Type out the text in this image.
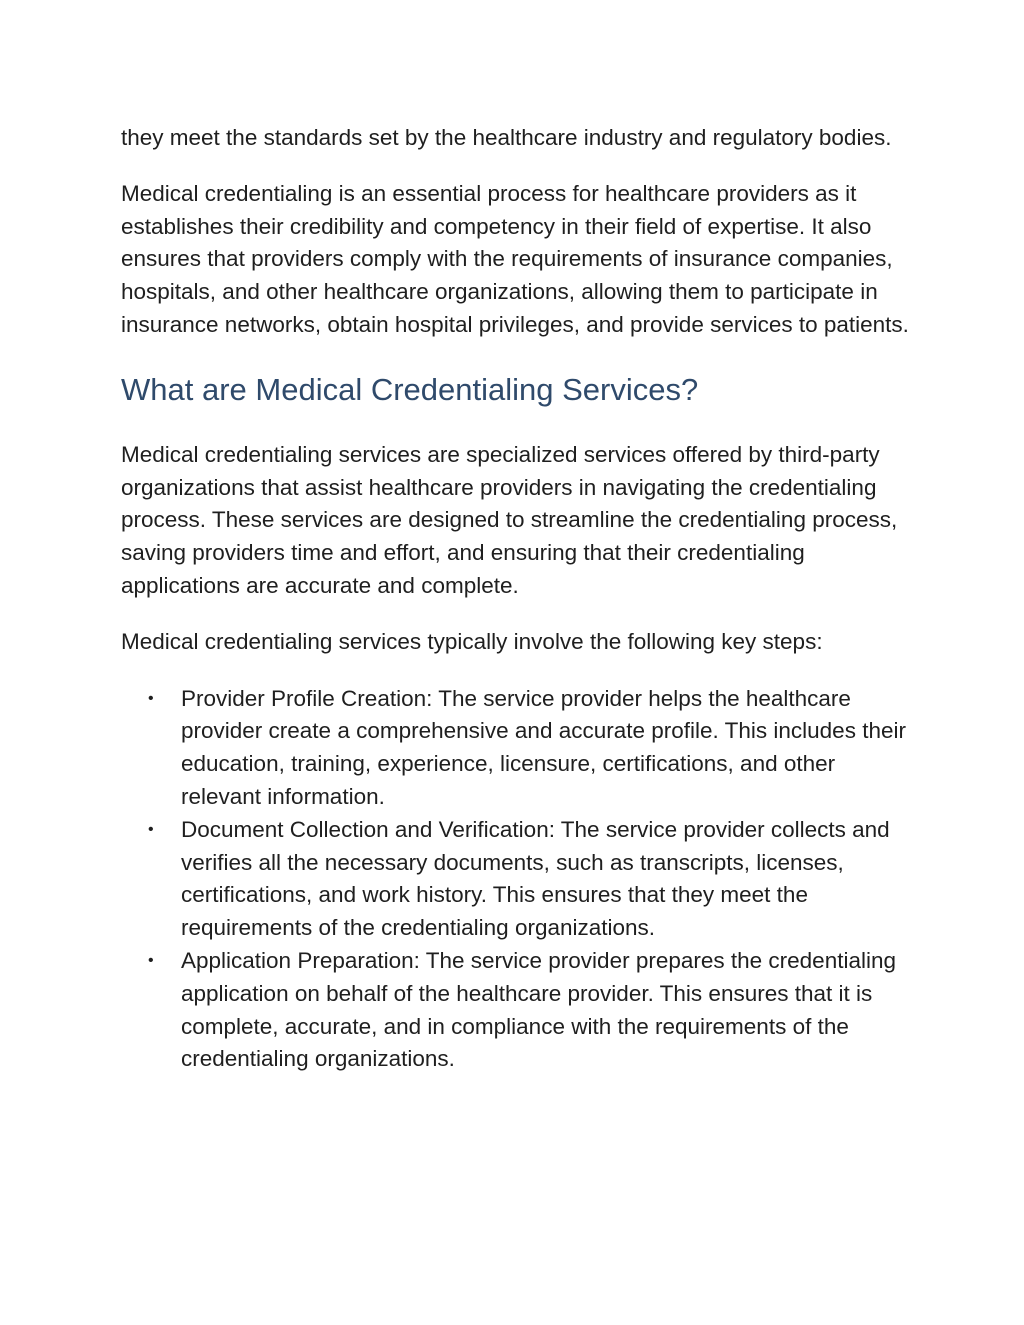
they meet the standards set by the healthcare industry and regulatory bodies.

Medical credentialing is an essential process for healthcare providers as it establishes their credibility and competency in their field of expertise. It also ensures that providers comply with the requirements of insurance companies, hospitals, and other healthcare organizations, allowing them to participate in insurance networks, obtain hospital privileges, and provide services to patients.

What are Medical Credentialing Services?

Medical credentialing services are specialized services offered by third-party organizations that assist healthcare providers in navigating the credentialing process. These services are designed to streamline the credentialing process, saving providers time and effort, and ensuring that their credentialing applications are accurate and complete.

Medical credentialing services typically involve the following key steps:

• Provider Profile Creation: The service provider helps the healthcare provider create a comprehensive and accurate profile. This includes their education, training, experience, licensure, certifications, and other relevant information.
• Document Collection and Verification: The service provider collects and verifies all the necessary documents, such as transcripts, licenses, certifications, and work history. This ensures that they meet the requirements of the credentialing organizations.
• Application Preparation: The service provider prepares the credentialing application on behalf of the healthcare provider. This ensures that it is complete, accurate, and in compliance with the requirements of the credentialing organizations.
